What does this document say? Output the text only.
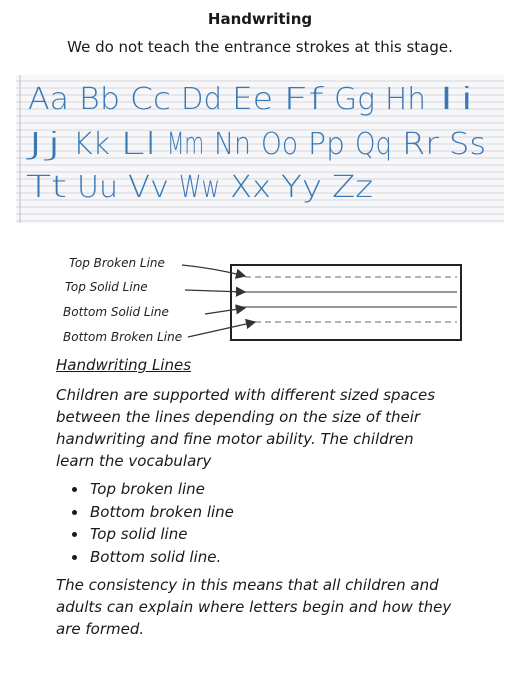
Handwriting
We do not teach the entrance strokes at this stage.
Aa Bb Cc Dd Ee Ff Gg Hh Ii
Jj Kk Ll Mm Nn Oo Pp Qq Rr Ss
Tt Uu Vv Ww Xx Yy Zz
Top Broken Line
Top Solid Line
Bottom Solid Line
Bottom Broken Line
Handwriting Lines
Children are supported with different sized spaces between the lines depending on the size of their handwriting and fine motor ability. The children learn the vocabulary
• Top broken line
• Bottom broken line
• Top solid line
• Bottom solid line.
The consistency in this means that all children and adults can explain where letters begin and how they are formed.
